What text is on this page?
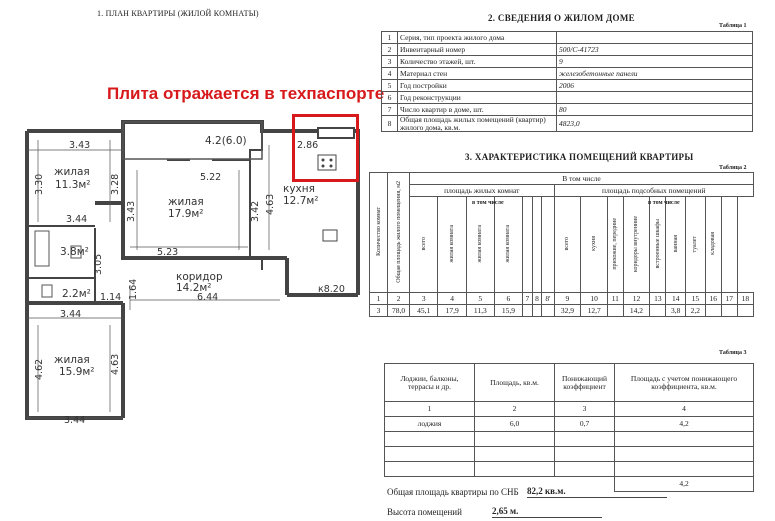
1. ПЛАН КВАРТИРЫ (ЖИЛОЙ КОМНАТЫ)
3.43
3.30	3.28
3.44
5.22
3.43	3.42 4.63
2.86
3.05
5.23
1.64
1.14	6.44
к8.20
3.44
4.62	4.63
3.44
жилая
11.3м²
жилая
17.9м²
кухня
12.7м²
коридор
14.2м²
жилая
15.9м²
3.8м²
2.2м²
4.2(6.0)
Плита отражается в техпаспорте
2. СВЕДЕНИЯ О ЖИЛОМ ДОМЕ
Таблица 1
1	Серия, тип проекта жилого дома	
2	Инвентарный номер	500/С-41723
3	Количество этажей, шт.	9
4	Материал стен	железобетонные панели
5	Год постройки	2006
6	Год реконструкции	
7	Число квартир в доме, шт.	80
8	Общая площадь жилых помещений (квартир) жилого дома, кв.м.	4823,0
3. ХАРАКТЕРИСТИКА ПОМЕЩЕНИЙ КВАРТИРЫ
Таблица 2
Количество комнат	Общая площадь жилого помещения, м2	В том числе																
		площадь жилых комнат							площадь подсобных помещений									
		всего	жилая комната	жилая комната	жилая комната				всего	кухня	прихожие, передние	коридоры внутренние	встроенные шкафы	ванная	туалет	кладовая		
1	2	3	4	5	6	7	8	8'	9	10	11	12	13	14	15	16	17	18
3	78,0	45,1	17,9	11,3	15,9				32,9	12,7		14,2		3,8	2,2			
в том числе	в том числе
Таблица 3
Лоджии, балконы, террасы и др.	Площадь, кв.м.	Понижающий коэффициент	Площадь с учетом понижающего коэффициента, кв.м.
1	2	3	4
лоджия	6,0	0,7	4,2

			4,2
Общая площадь квартиры по СНБ 82,2 кв.м.
Высота помещений	2,65 м.
